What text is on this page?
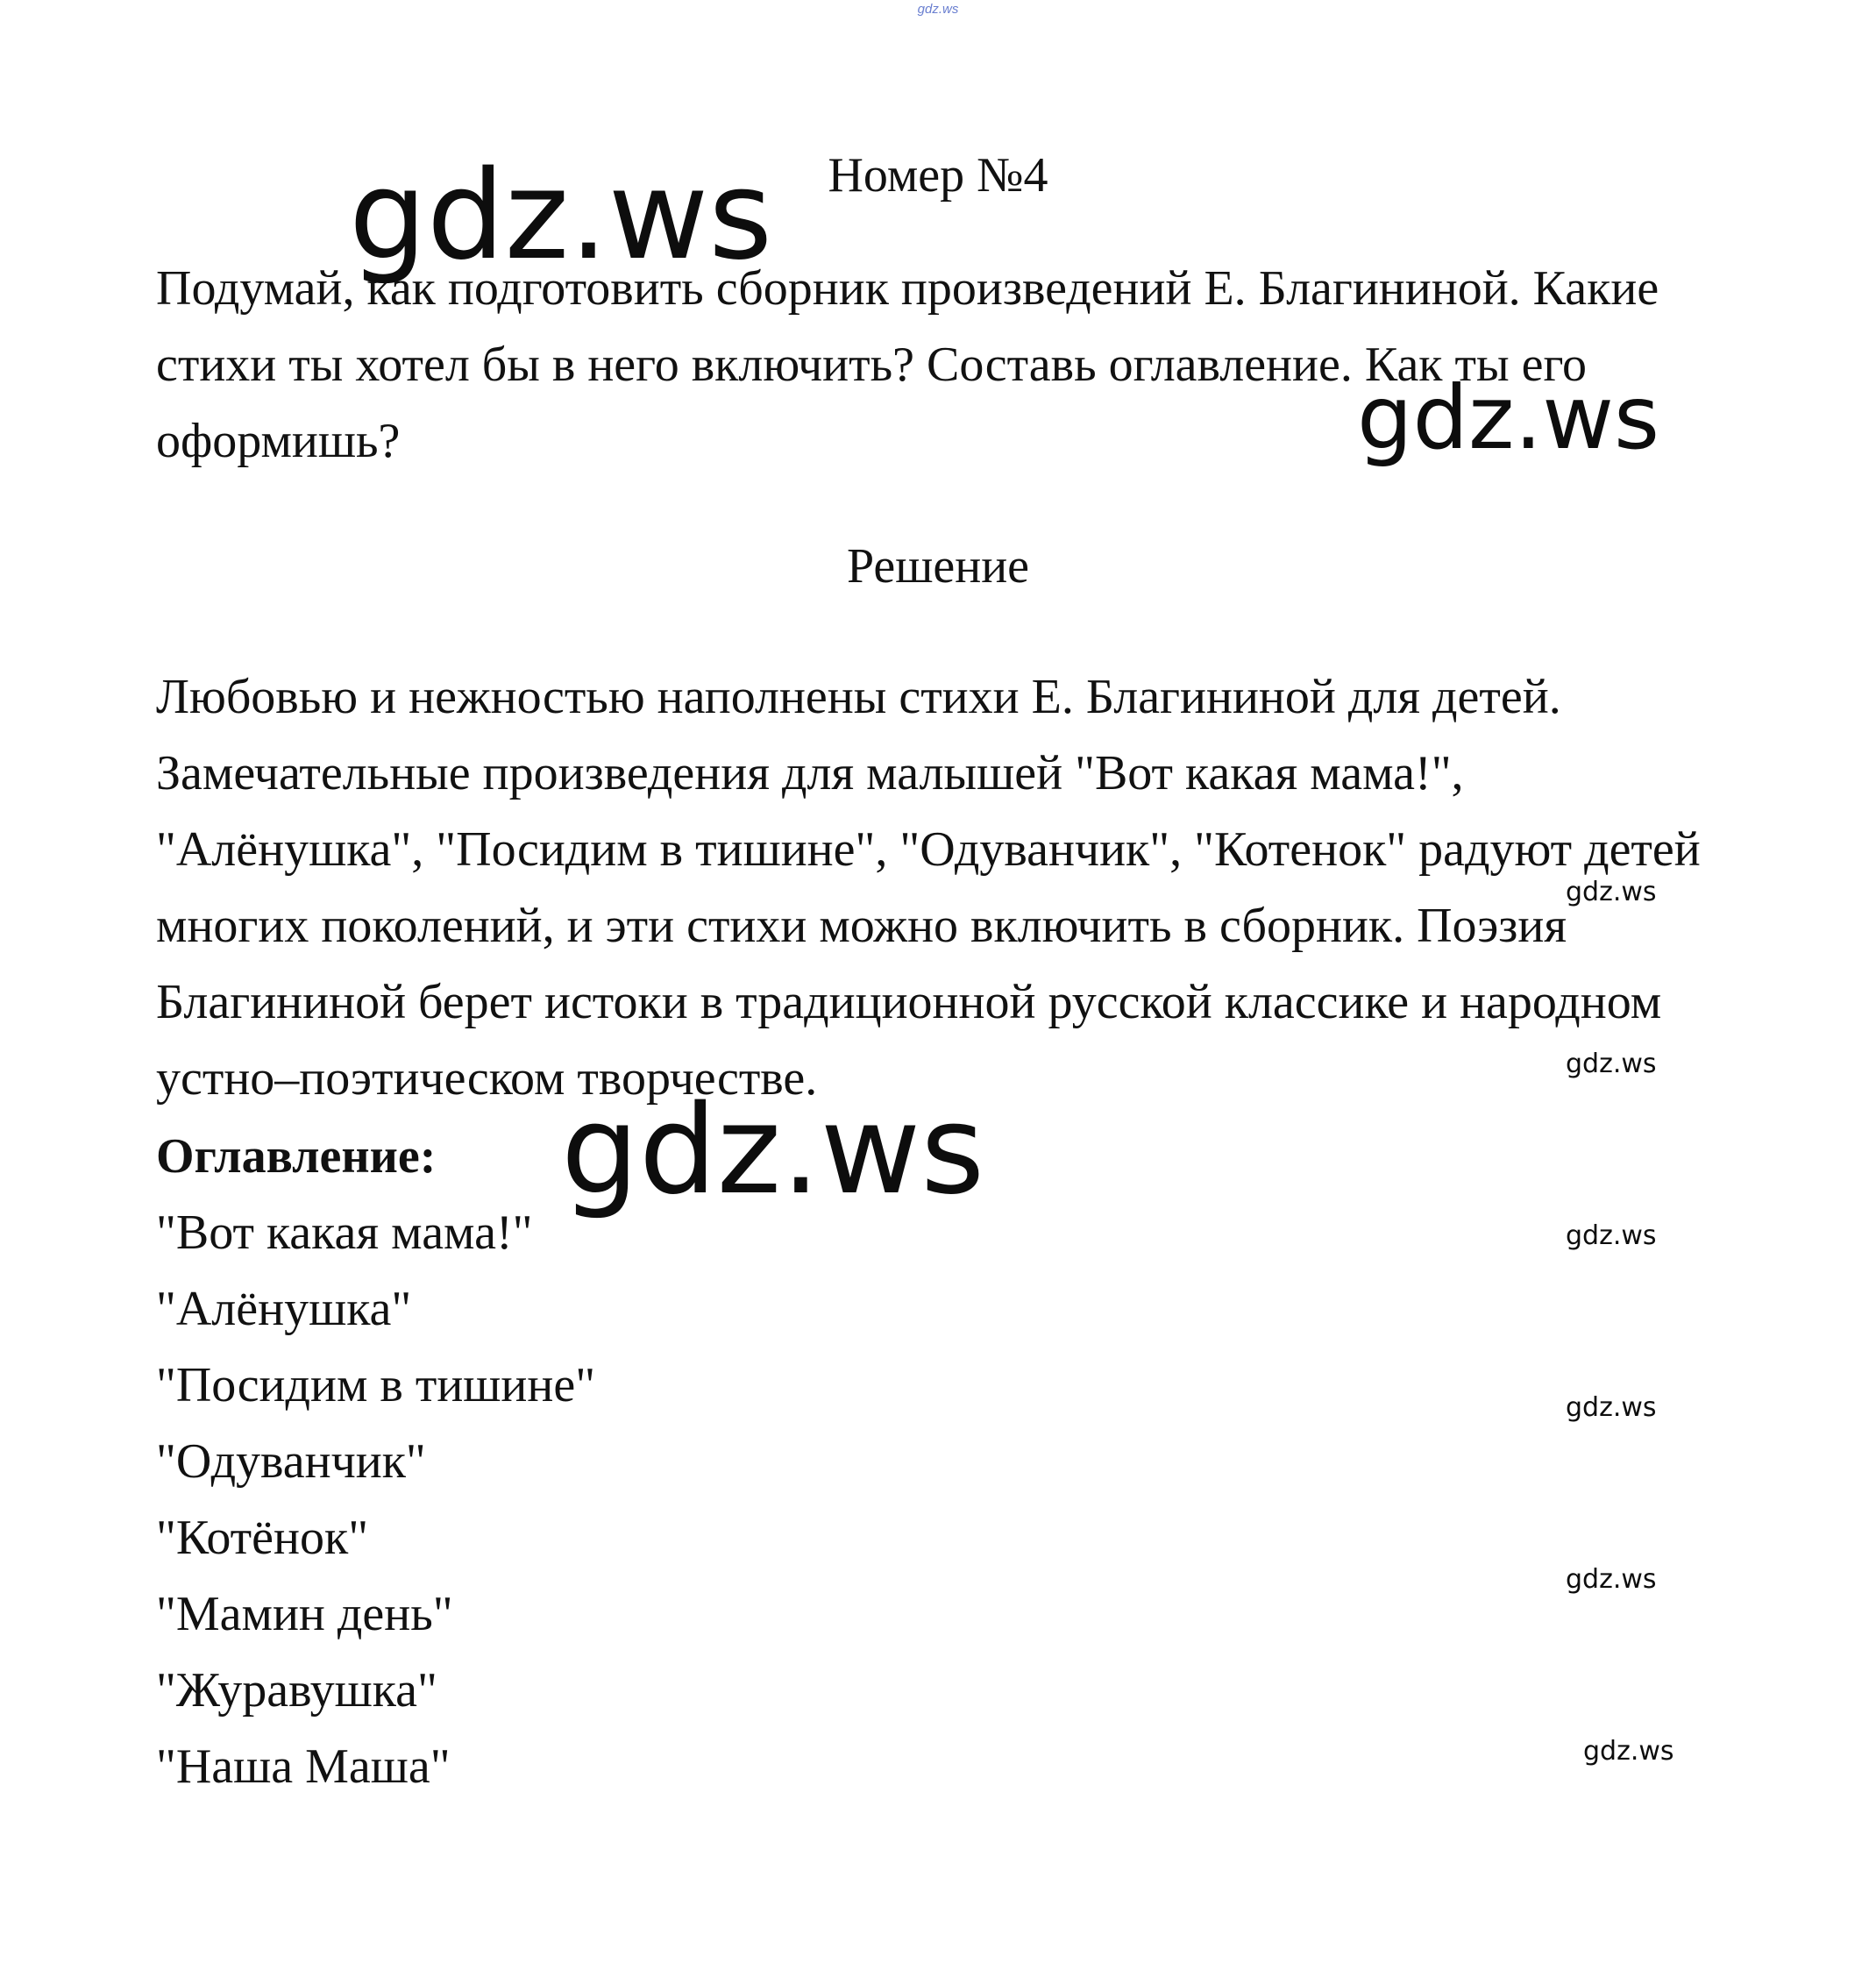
gdz.ws
Номер №4
Подумай, как подготовить сборник произведений Е. Благининой. Какие стихи ты хотел бы в него включить? Составь оглавление. Как ты его оформишь?
Решение
Любовью и нежностью наполнены стихи Е. Благининой для детей. Замечательные произведения для малышей "Вот какая мама!", "Алёнушка", "Посидим в тишине", "Одуванчик", "Котенок" радуют детей многих поколений, и эти стихи можно включить в сборник. Поэзия Благининой берет истоки в традиционной русской классике и народном устно–поэтическом творчестве.
Оглавление:
"Вот какая мама!"
"Алёнушка"
"Посидим в тишине"
"Одуванчик"
"Котёнок"
"Мамин день"
"Журавушка"
"Наша Маша"
gdz.ws
gdz.ws
gdz.ws
gdz.ws
gdz.ws
gdz.ws
gdz.ws
gdz.ws
gdz.ws
